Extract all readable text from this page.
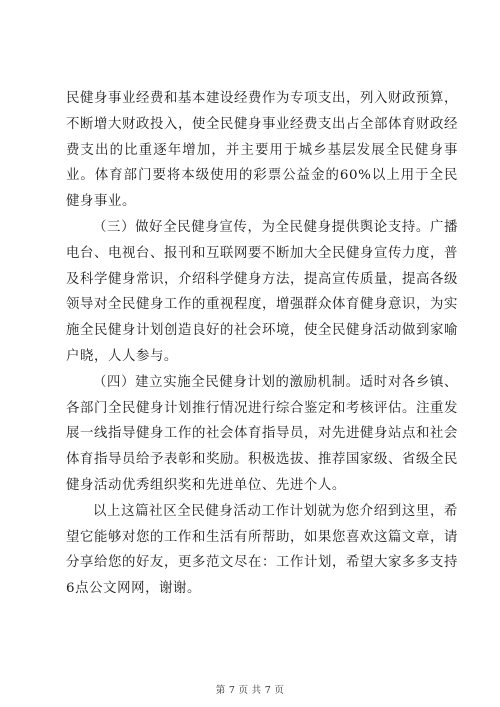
民健身事业经费和基本建设经费作为专项支出，列入财政预算，不断增大财政投入，使全民健身事业经费支出占全部体育财政经费支出的比重逐年增加，并主要用于城乡基层发展全民健身事业。体育部门要将本级使用的彩票公益金的60%以上用于全民健身事业。

（三）做好全民健身宣传，为全民健身提供舆论支持。广播电台、电视台、报刊和互联网要不断加大全民健身宣传力度，普及科学健身常识，介绍科学健身方法，提高宣传质量，提高各级领导对全民健身工作的重视程度，增强群众体育健身意识，为实施全民健身计划创造良好的社会环境，使全民健身活动做到家喻户晓，人人参与。

（四）建立实施全民健身计划的激励机制。适时对各乡镇、各部门全民健身计划推行情况进行综合鉴定和考核评估。注重发展一线指导健身工作的社会体育指导员，对先进健身站点和社会体育指导员给予表彰和奖励。积极选拔、推荐国家级、省级全民健身活动优秀组织奖和先进单位、先进个人。

以上这篇社区全民健身活动工作计划就为您介绍到这里，希望它能够对您的工作和生活有所帮助，如果您喜欢这篇文章，请分享给您的好友，更多范文尽在：工作计划，希望大家多多支持6点公文网网，谢谢。

第 7 页 共 7 页
